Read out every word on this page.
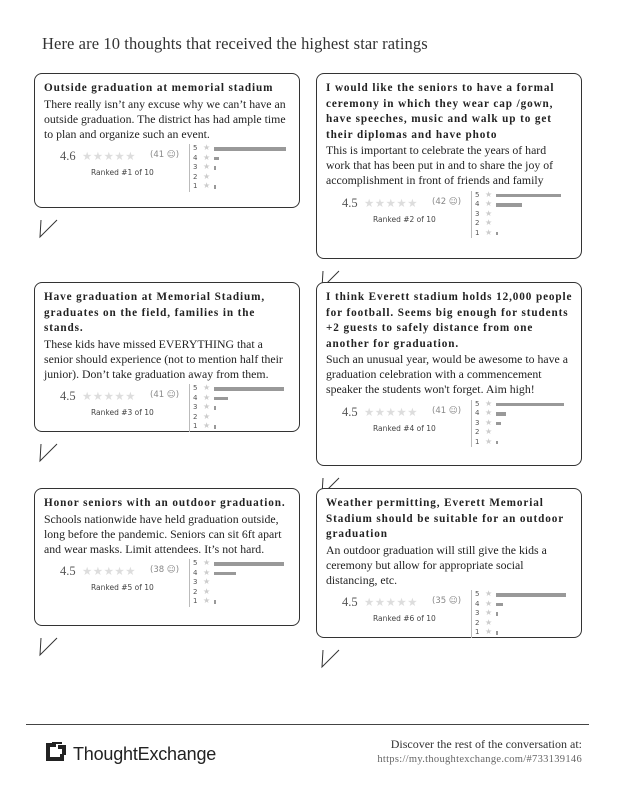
Here are 10 thoughts that received the highest star ratings
Outside graduation at memorial stadium
There really isn’t any excuse why we can’t have an outside graduation. The district has had ample time to plan and organize such an event.
4.6 ★★★★★ (41 ☺)
Ranked #1 of 10
5 ★
4 ★
3 ★
2 ★
1 ★
I would like the seniors to have a formal ceremony in which they wear cap /gown, have speeches, music and walk up to get their diplomas and have photo
This is important to celebrate the years of hard work that has been put in and to share the joy of accomplishment in front of friends and family
4.5 ★★★★★ (42 ☺)
Ranked #2 of 10
5 ★
4 ★
3 ★
2 ★
1 ★
Have graduation at Memorial Stadium, graduates on the field, families in the stands.
These kids have missed EVERYTHING that a senior should experience (not to mention half their junior). Don’t take graduation away from them.
4.5 ★★★★★ (41 ☺)
Ranked #3 of 10
5 ★
4 ★
3 ★
2 ★
1 ★
I think Everett stadium holds 12,000 people for football. Seems big enough for students +2 guests to safely distance from one another for graduation.
Such an unusual year, would be awesome to have a graduation celebration with a commencement speaker the students won't forget. Aim high!
4.5 ★★★★★ (41 ☺)
Ranked #4 of 10
5 ★
4 ★
3 ★
2 ★
1 ★
Honor seniors with an outdoor graduation.
Schools nationwide have held graduation outside, long before the pandemic. Seniors can sit 6ft apart and wear masks. Limit attendees. It’s not hard.
4.5 ★★★★★ (38 ☺)
Ranked #5 of 10
5 ★
4 ★
3 ★
2 ★
1 ★
Weather permitting, Everett Memorial Stadium should be suitable for an outdoor graduation
An outdoor graduation will still give the kids a ceremony but allow for appropriate social distancing, etc.
4.5 ★★★★★ (35 ☺)
Ranked #6 of 10
5 ★
4 ★
3 ★
2 ★
1 ★
ThoughtExchange	Discover the rest of the conversation at:
https://my.thoughtexchange.com/#733139146
